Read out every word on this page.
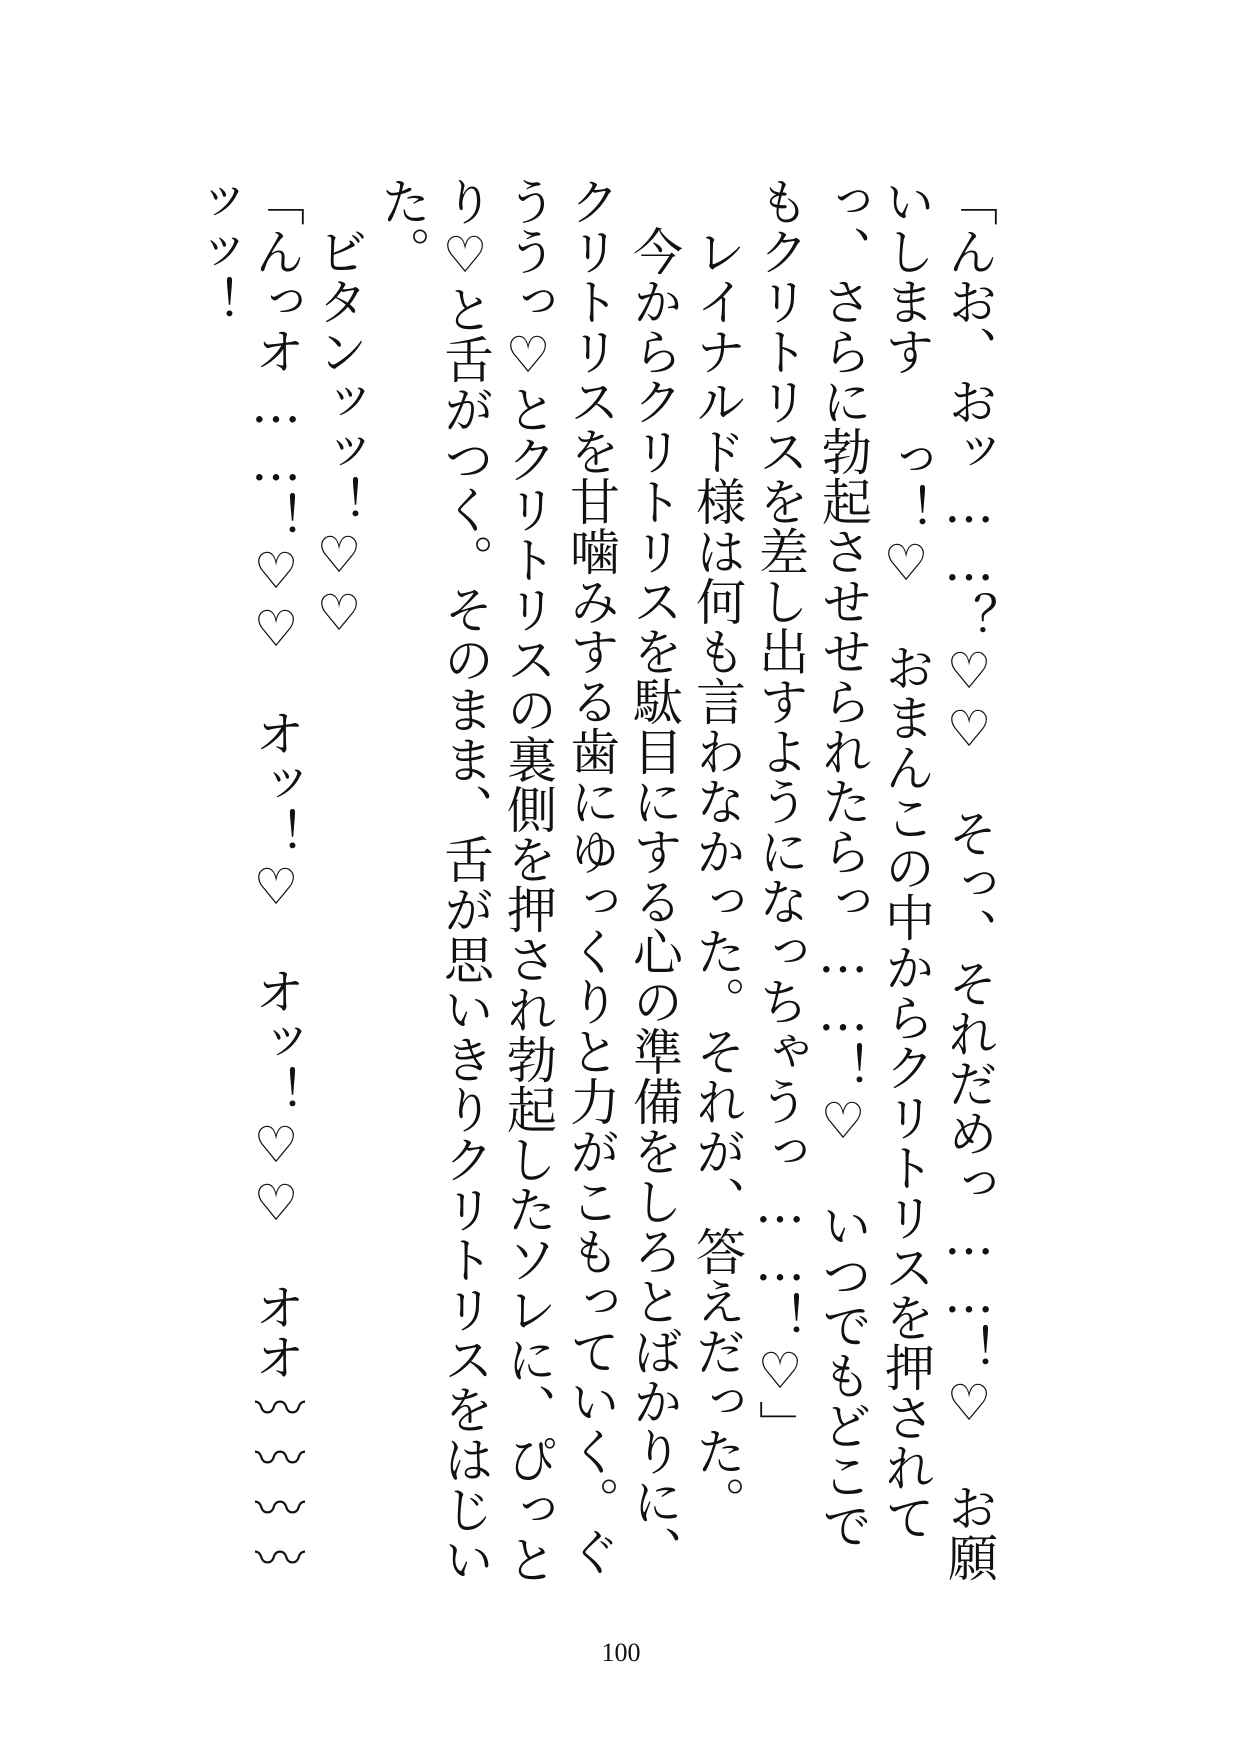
「んお、おッ……？♡♡　そっ、それだめっ……！♡　お願いします っ！♡　おまんこの中からクリトリスを押されてっ、さらに勃起させせられたらっ……！♡　いつでもどこでもクリトリスを差し出すようになっちゃうっ……！♡」

　レイナルド様は何も言わなかった。それが、答えだった。

　今からクリトリスを駄目にする心の準備をしろとばかりに、クリトリスを甘噛みする歯にゆっくりと力がこもっていく。ぐううっ♡とクリトリスの裏側を押され勃起したソレに、ぴっとり♡と舌がつく。そのまま、舌が思いきりクリトリスをはじいた。

　ビタンッッ！♡♡

「んっオ……！♡♡　オッ！♡　オッ！♡♡　オオ〰〰〰〰ッッ！

100
